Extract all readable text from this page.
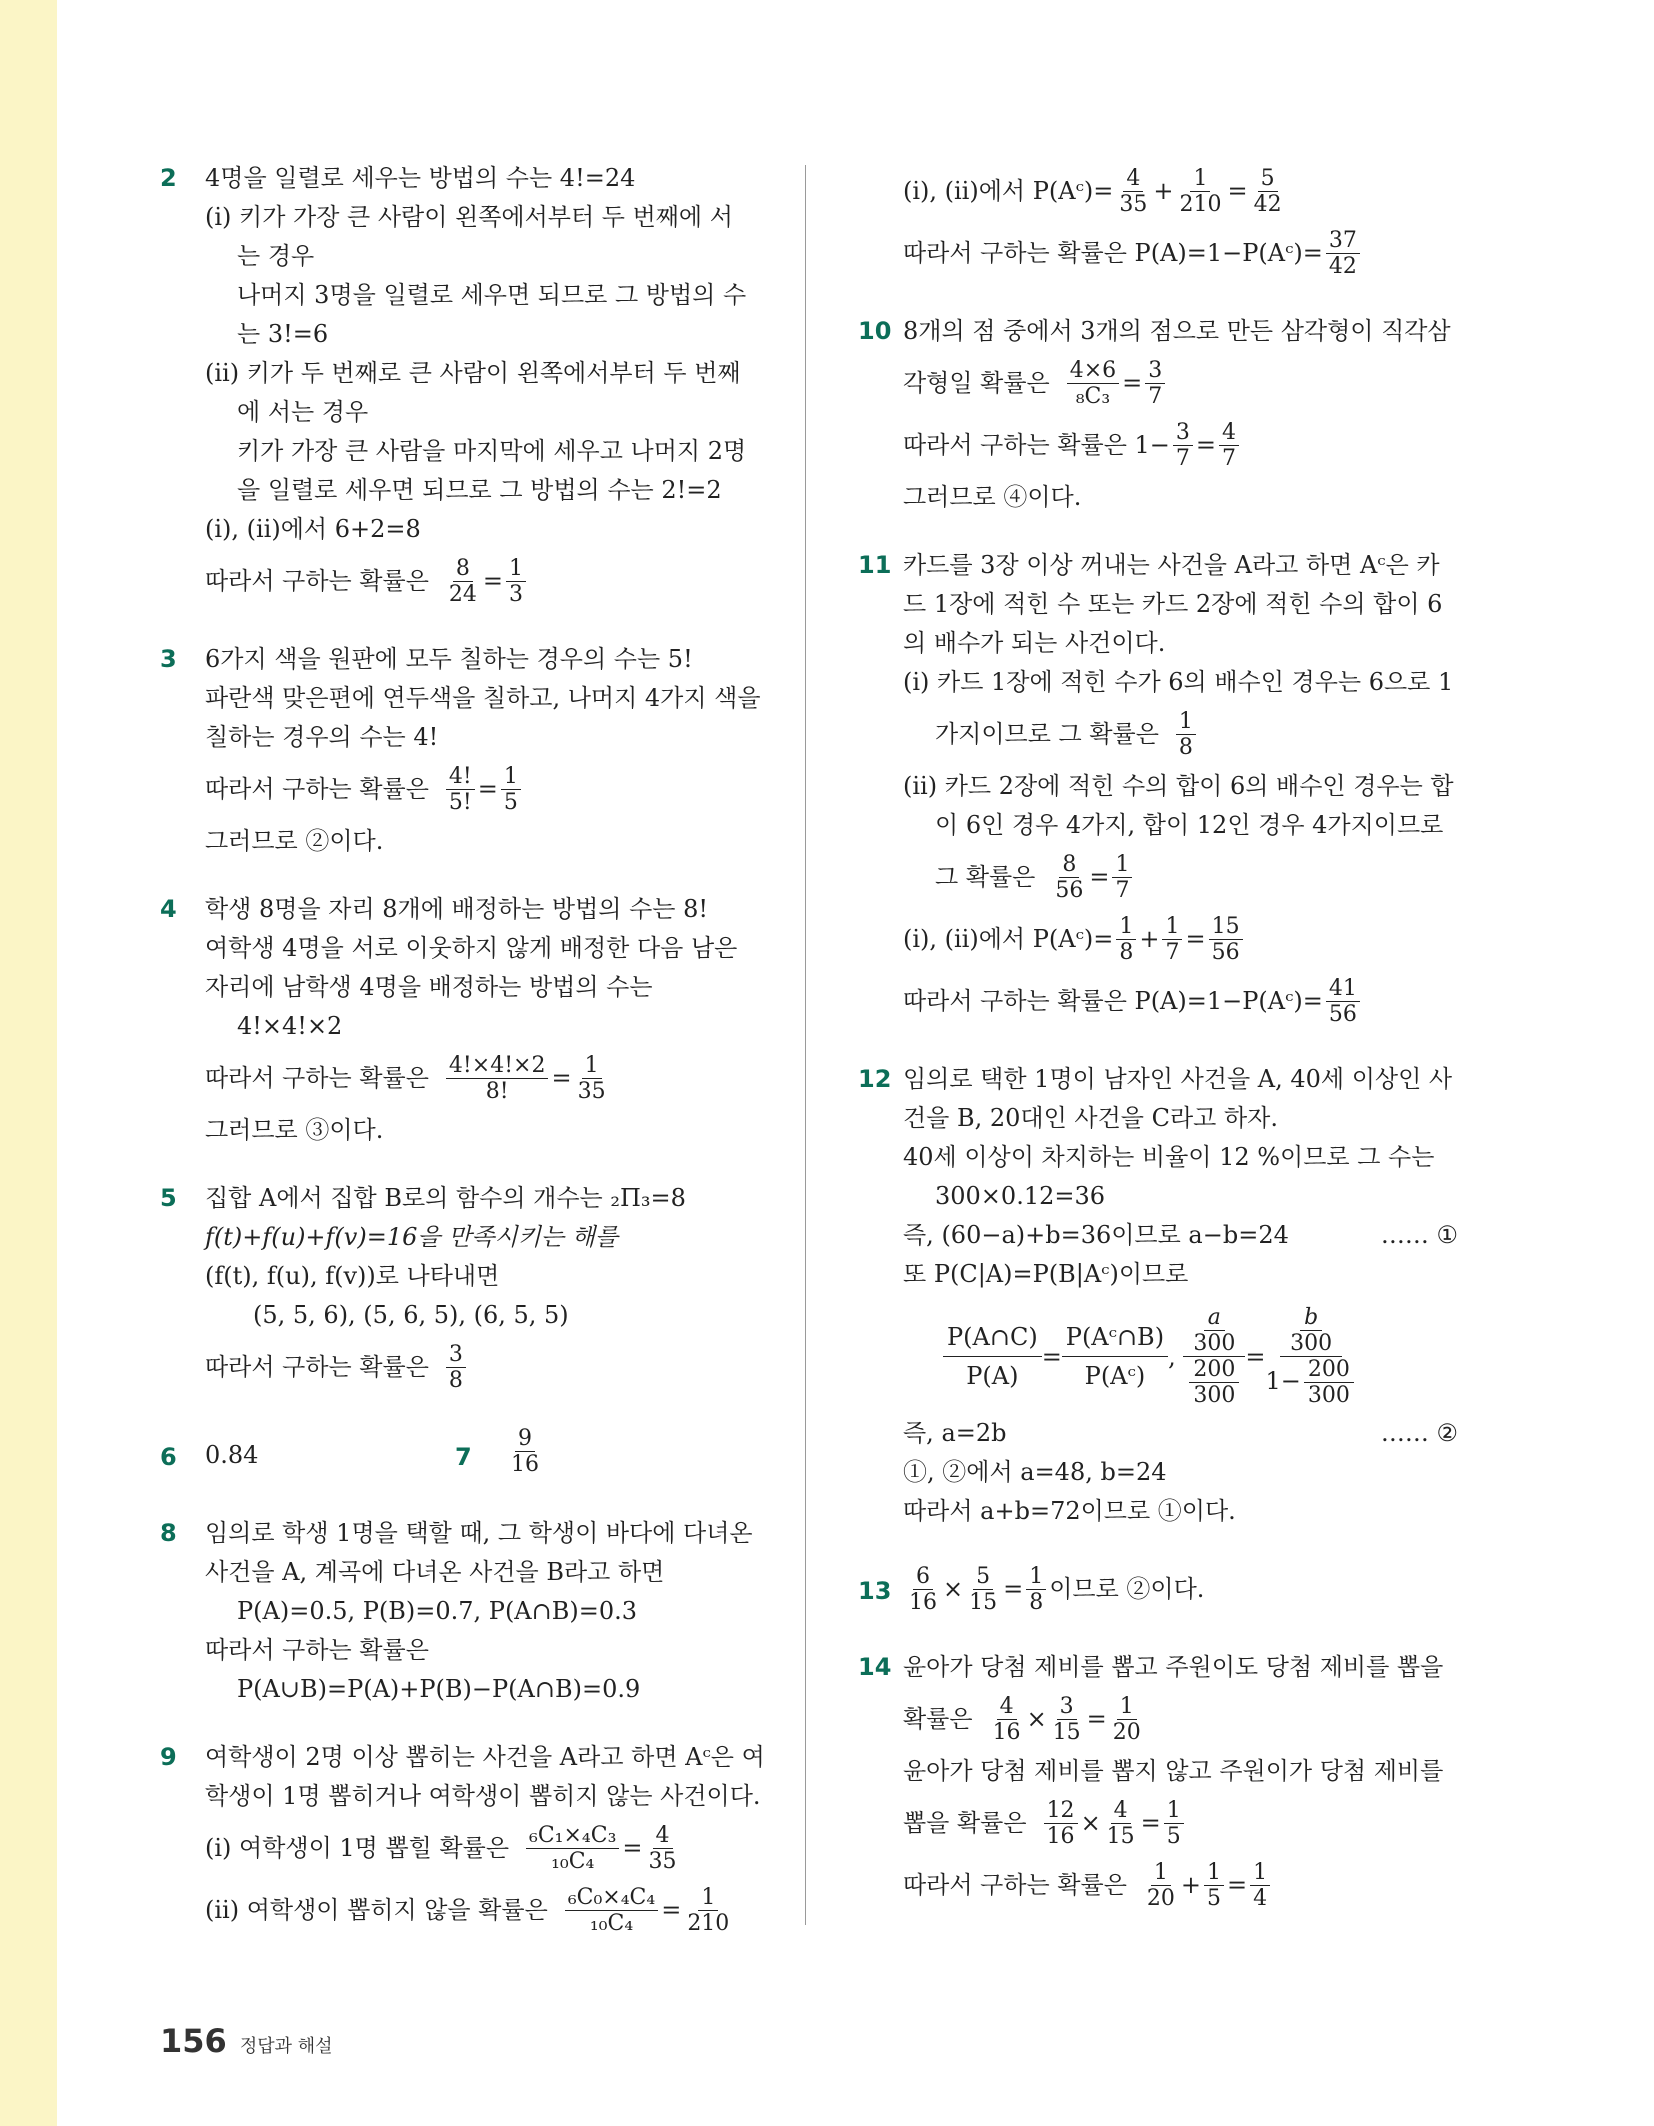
2 4명을 일렬로 세우는 방법의 수는 4!=24
(ⅰ) 키가 가장 큰 사람이 왼쪽에서부터 두 번째에 서
는 경우
나머지 3명을 일렬로 세우면 되므로 그 방법의 수
는 3!=6
(ⅱ) 키가 두 번째로 큰 사람이 왼쪽에서부터 두 번째
에 서는 경우
키가 가장 큰 사람을 마지막에 세우고 나머지 2명
을 일렬로 세우면 되므로 그 방법의 수는 2!=2
(ⅰ), (ⅱ)에서 6+2=8
따라서 구하는 확률은 $\frac{8}{24} = \frac{1}{3}$
3 6가지 색을 원판에 모두 칠하는 경우의 수는 5!
파란색 맞은편에 연두색을 칠하고, 나머지 4가지 색을
칠하는 경우의 수는 4!
따라서 구하는 확률은 $\frac{4!}{5!} = \frac{1}{5}$
그러므로 ②이다.
4 학생 8명을 자리 8개에 배정하는 방법의 수는 8!
여학생 4명을 서로 이웃하지 않게 배정한 다음 남은
자리에 남학생 4명을 배정하는 방법의 수는
4!×4!×2
따라서 구하는 확률은 $\frac{4!\times 4!\times 2}{8!} = \frac{1}{35}$
그러므로 ③이다.
5 집합 A에서 집합 B로의 함수의 개수는 ₂Π₃=8
f(t)+f(u)+f(v)=16을 만족시키는 해를
(f(t), f(u), f(v))로 나타내면
(5, 5, 6), (5, 6, 5), (6, 5, 5)
따라서 구하는 확률은 $\frac{3}{8}$
6 0.84	$7 \frac{9}{16}$
8 임의로 학생 1명을 택할 때, 그 학생이 바다에 다녀온
사건을 A, 계곡에 다녀온 사건을 B라고 하면
P(A)=0.5, P(B)=0.7, P(A∩B)=0.3
따라서 구하는 확률은
P(A∪B)=P(A)+P(B)−P(A∩B)=0.9
9 여학생이 2명 이상 뽑히는 사건을 A라고 하면 Aᶜ은 여
학생이 1명 뽑히거나 여학생이 뽑히지 않는 사건이다.
(ⅰ) 여학생이 1명 뽑힐 확률은 $\frac{\text{₆C₁×₄C₃}}{\text{₁₀C₄}} = \frac{4}{35}$
(ⅱ) 여학생이 뽑히지 않을 확률은 $\frac{\text{₆C₀×₄C₄}}{\text{₁₀C₄}} = \frac{1}{210}$
(ⅰ), (ⅱ)에서 P(Aᶜ)= $\frac{4}{35} + \frac{1}{210} = \frac{5}{42}$
따라서 구하는 확률은 P(A)=1−P(Aᶜ)= $\frac{37}{42}$
10 8개의 점 중에서 3개의 점으로 만든 삼각형이 직각삼
각형일 확률은 $\frac{4\times 6}{\text{₈C₃}} = \frac{3}{7}$
따라서 구하는 확률은 $1- \frac{3}{7} = \frac{4}{7}$
그러므로 ④이다.
11 카드를 3장 이상 꺼내는 사건을 A라고 하면 Aᶜ은 카
드 1장에 적힌 수 또는 카드 2장에 적힌 수의 합이 6
의 배수가 되는 사건이다.
(ⅰ) 카드 1장에 적힌 수가 6의 배수인 경우는 6으로 1
가지이므로 그 확률은 $\frac{1}{8}$
(ⅱ) 카드 2장에 적힌 수의 합이 6의 배수인 경우는 합
이 6인 경우 4가지, 합이 12인 경우 4가지이므로
그 확률은 $\frac{8}{56} = \frac{1}{7}$
(ⅰ), (ⅱ)에서 P(Aᶜ)= $\frac{1}{8} + \frac{1}{7} = \frac{15}{56}$
따라서 구하는 확률은 P(A)=1−P(Aᶜ)= $\frac{41}{56}$
12 임의로 택한 1명이 남자인 사건을 A, 40세 이상인 사
건을 B, 20대인 사건을 C라고 하자.
40세 이상이 차지하는 비율이 12 %이므로 그 수는
300×0.12=36
즉, (60−a)+b=36이므로 a−b=24	…… ①
또 P(C|A)=P(B|Aᶜ)이므로
$\frac{P(A\cap C)}{P(A)} = \frac{\text{P(Aᶜ∩B)}}{\text{P(Aᶜ)}}$ , $\frac{\frac{a}{300}}{\frac{200}{300}} = \frac{\frac{b}{300}}{1- \frac{200}{300}}$
즉, a=2b	…… ②
①, ②에서 a=48, b=24
따라서 a+b=72이므로 ①이다.
$13 \frac{6}{16} \times \frac{5}{15} = \frac{1}{8}$ 이므로 ②이다.
14 윤아가 당첨 제비를 뽑고 주원이도 당첨 제비를 뽑을
확률은 $\frac{4}{16} \times \frac{3}{15} = \frac{1}{20}$
윤아가 당첨 제비를 뽑지 않고 주원이가 당첨 제비를
뽑을 확률은 $\frac{12}{16} \times \frac{4}{15} = \frac{1}{5}$
따라서 구하는 확률은 $\frac{1}{20} + \frac{1}{5} = \frac{1}{4}$
156 정답과 해설
